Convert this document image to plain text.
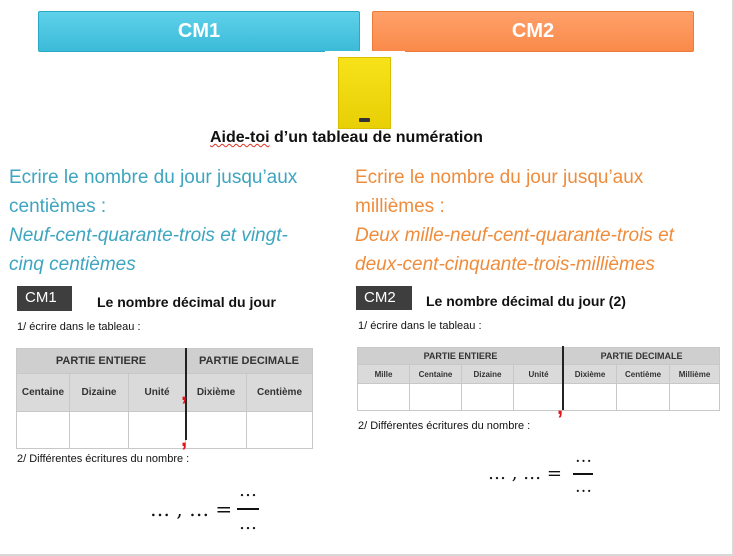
CM1	CM2
Aide-toi d’un tableau de numération
Ecrire le nombre du jour jusqu’aux
centièmes :
Neuf-cent-quarante-trois et vingt-
cinq centièmes
Ecrire le nombre du jour jusqu’aux
millièmes :
Deux mille-neuf-cent-quarante-trois et
deux-cent-cinquante-trois-millièmes
CM1	Le nombre décimal du jour
1/ écrire dans le tableau :
PARTIE ENTIERE			PARTIE DECIMALE	
Centaine	Dizaine	Unité	Dixième	Centième

,
,
2/ Différentes écritures du nombre :
… , … =
…
…
CM2	Le nombre décimal du jour (2)
1/ écrire dans le tableau :
PARTIE ENTIERE				PARTIE DECIMALE		
Mille	Centaine	Dizaine	Unité	Dixième	Centième	Millième

,
2/ Différentes écritures du nombre :
… , … =
…
…
